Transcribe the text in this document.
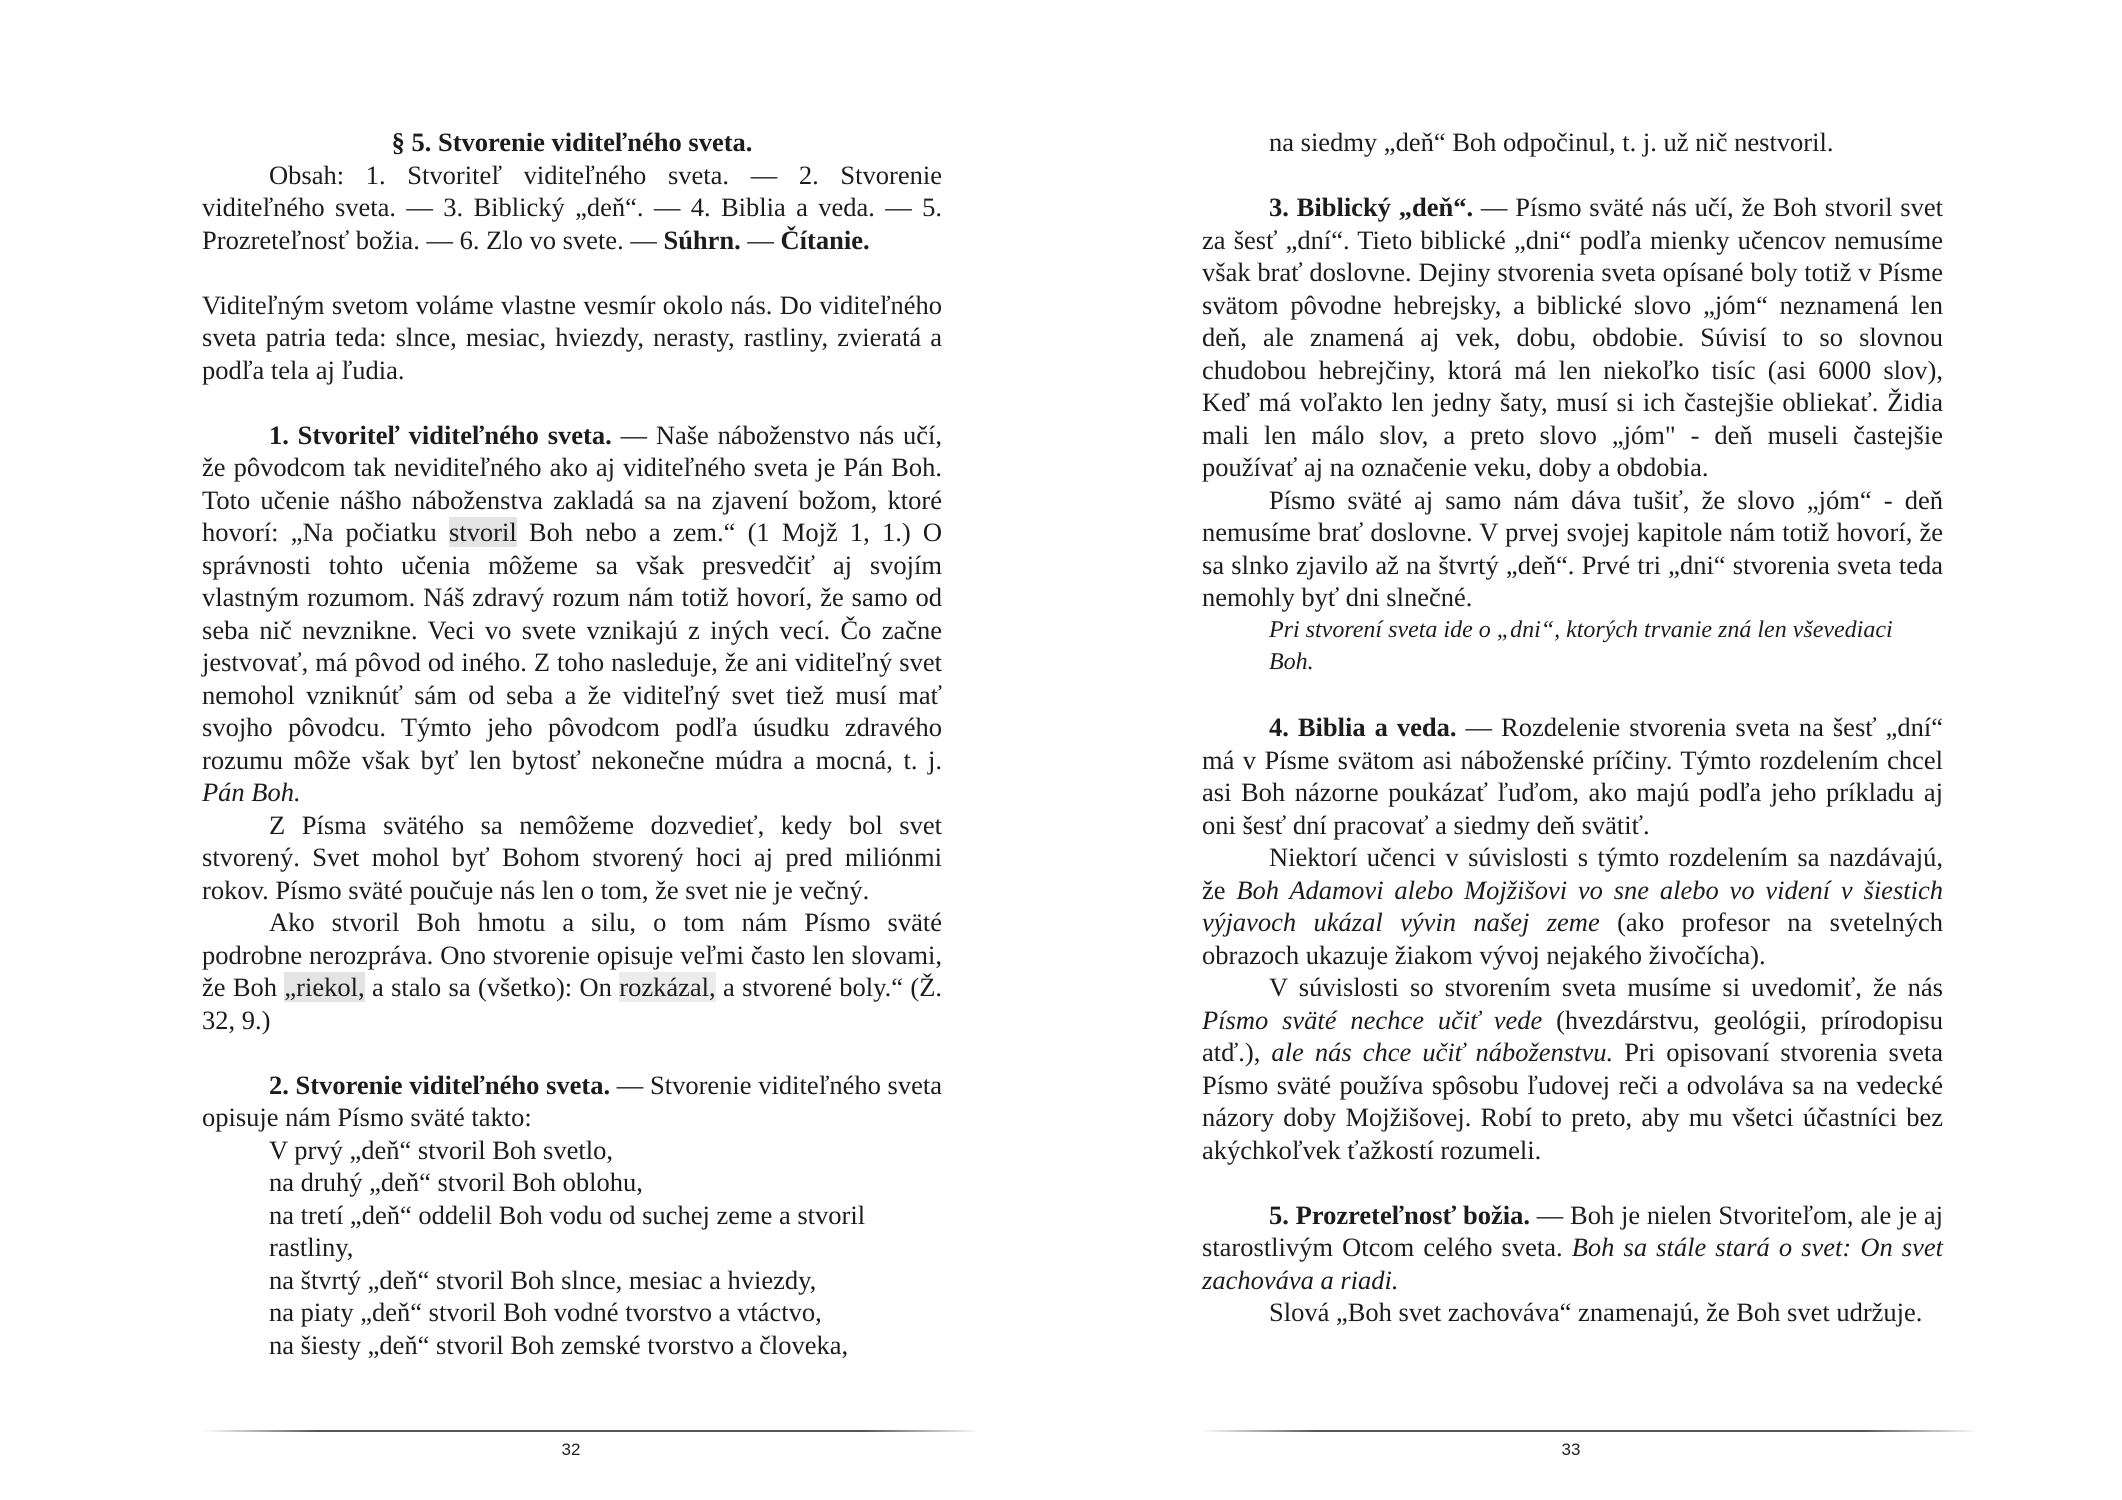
§ 5. Stvorenie viditeľného sveta.

Obsah: 1. Stvoriteľ viditeľného sveta. — 2. Stvorenie viditeľného sveta. — 3. Biblický „deň“. — 4. Biblia a veda. — 5. Prozreteľnosť božia. — 6. Zlo vo svete. — Súhrn. — Čítanie.

Viditeľným svetom voláme vlastne vesmír okolo nás. Do viditeľného sveta patria teda: slnce, mesiac, hviezdy, nerasty, rastliny, zvieratá a podľa tela aj ľudia.

1. Stvoriteľ viditeľného sveta. — Naše náboženstvo nás učí, že pôvodcom tak neviditeľného ako aj viditeľného sveta je Pán Boh. Toto učenie nášho náboženstva zakladá sa na zjavení božom, ktoré hovorí: „Na počiatku stvoril Boh nebo a zem.“ (1 Mojž 1, 1.) O správnosti tohto učenia môžeme sa však presvedčiť aj svojím vlastným rozumom. Náš zdravý rozum nám totiž hovorí, že samo od seba nič nevznikne. Veci vo svete vznikajú z iných vecí. Čo začne jestvovať, má pôvod od iného. Z toho nasleduje, že ani viditeľný svet nemohol vzniknúť sám od seba a že viditeľný svet tiež musí mať svojho pôvodcu. Týmto jeho pôvodcom podľa úsudku zdravého rozumu môže však byť len bytosť nekonečne múdra a mocná, t. j. Pán Boh.

Z Písma svätého sa nemôžeme dozvedieť, kedy bol svet stvorený. Svet mohol byť Bohom stvorený hoci aj pred miliónmi rokov. Písmo sväté poučuje nás len o tom, že svet nie je večný.

Ako stvoril Boh hmotu a silu, o tom nám Písmo sväté podrobne nerozpráva. Ono stvorenie opisuje veľmi často len slovami, že Boh „riekol, a stalo sa (všetko): On rozkázal, a stvorené boly.“ (Ž. 32, 9.)

2. Stvorenie viditeľného sveta. — Stvorenie viditeľného sveta opisuje nám Písmo sväté takto:

V prvý „deň“ stvoril Boh svetlo,

na druhý „deň“ stvoril Boh oblohu,

na tretí „deň“ oddelil Boh vodu od suchej zeme a stvoril rastliny,

na štvrtý „deň“ stvoril Boh slnce, mesiac a hviezdy,

na piaty „deň“ stvoril Boh vodné tvorstvo a vtáctvo,

na šiesty „deň“ stvoril Boh zemské tvorstvo a človeka,

32

na siedmy „deň“ Boh odpočinul, t. j. už nič nestvoril.

3. Biblický „deň“. — Písmo sväté nás učí, že Boh stvoril svet za šesť „dní“. Tieto biblické „dni“ podľa mienky učencov nemusíme však brať doslovne. Dejiny stvorenia sveta opísané boly totiž v Písme svätom pôvodne hebrejsky, a biblické slovo „jóm“ neznamená len deň, ale znamená aj vek, dobu, obdobie. Súvisí to so slovnou chudobou hebrejčiny, ktorá má len niekoľko tisíc (asi 6000 slov), Keď má voľakto len jedny šaty, musí si ich častejšie obliekať. Židia mali len málo slov, a preto slovo „jóm" - deň museli častejšie používať aj na označenie veku, doby a obdobia.

Písmo sväté aj samo nám dáva tušiť, že slovo „jóm“ - deň nemusíme brať doslovne. V prvej svojej kapitole nám totiž hovorí, že sa slnko zjavilo až na štvrtý „deň“. Prvé tri „dni“ stvorenia sveta teda nemohly byť dni slnečné.

Pri stvorení sveta ide o „dni“, ktorých trvanie zná len vševediaci Boh.

4. Biblia a veda. — Rozdelenie stvorenia sveta na šesť „dní“ má v Písme svätom asi náboženské príčiny. Týmto rozdelením chcel asi Boh názorne poukázať ľuďom, ako majú podľa jeho príkladu aj oni šesť dní pracovať a siedmy deň svätiť.

Niektorí učenci v súvislosti s týmto rozdelením sa nazdávajú, že Boh Adamovi alebo Mojžišovi vo sne alebo vo videní v šiestich výjavoch ukázal vývin našej zeme (ako profesor na svetelných obrazoch ukazuje žiakom vývoj nejakého živočícha).

V súvislosti so stvorením sveta musíme si uvedomiť, že nás Písmo sväté nechce učiť vede (hvezdárstvu, geológii, prírodopisu atď.), ale nás chce učiť náboženstvu. Pri opisovaní stvorenia sveta Písmo sväté používa spôsobu ľudovej reči a odvoláva sa na vedecké názory doby Mojžišovej. Robí to preto, aby mu všetci účastníci bez akýchkoľvek ťažkostí rozumeli.

5. Prozreteľnosť božia. — Boh je nielen Stvoriteľom, ale je aj starostlivým Otcom celého sveta. Boh sa stále stará o svet: On svet zachováva a riadi.

Slová „Boh svet zachováva“ znamenajú, že Boh svet udržuje.

33
